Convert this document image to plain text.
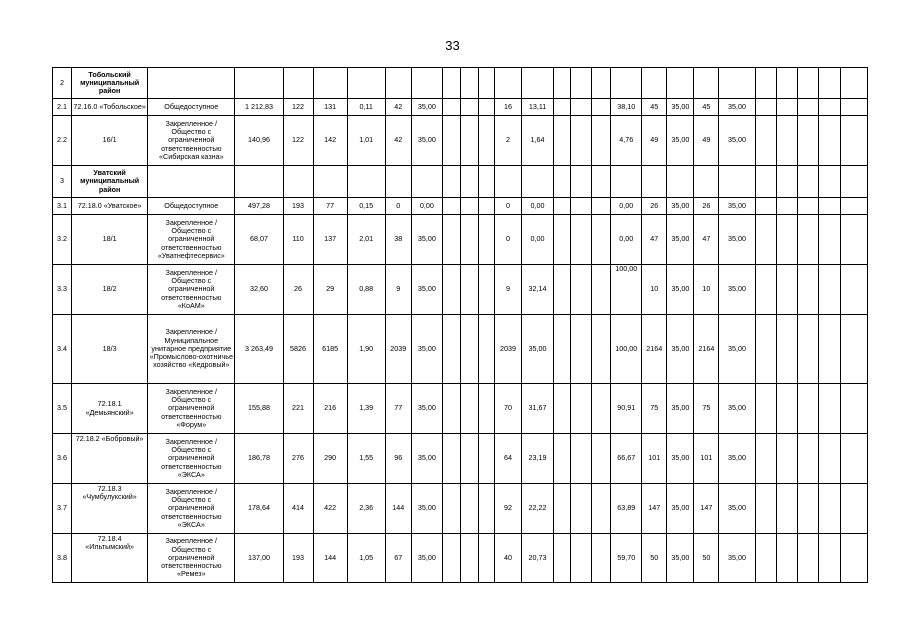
33
2	Тобольский муниципальный район																									
2.1	72.16.0 «Тобольское»	Общедоступное	1 212,83	122	131	0,11	42	35,00				16	13,11				38,10	45	35,00	45	35,00					
2.2	16/1	Закрепленное / Общество с ограниченной ответственностью «Сибирская казна»	140,96	122	142	1,01	42	35,00				2	1,64				4,76	49	35,00	49	35,00					
3	Уватский муниципальный район																									
3.1	72.18.0 «Уватское»	Общедоступное	497,28	193	77	0,15	0	0,00				0	0,00				0,00	26	35,00	26	35,00					
3.2	18/1	Закрепленное / Общество с ограниченной ответственностью «Уватнефтесервис»	68,07	110	137	2,01	38	35,00				0	0,00				0,00	47	35,00	47	35,00					
3.3	18/2	Закрепленное / Общество с ограниченной ответственностью «КоАМ»	32,60	26	29	0,88	9	35,00				9	32,14				100,00	10	35,00	10	35,00					
3.4	18/3	Закрепленное / Муниципальное унитарное предприятие «Промыслово-охотничье хозяйство «Кедровый»	3 263,49	5826	6185	1,90	2039	35,00				2039	35,00				100,00	2164	35,00	2164	35,00					
3.5	72.18.1 «Демьянский»	Закрепленное / Общество с ограниченной ответственностью «Форум»	155,88	221	216	1,39	77	35,00				70	31,67				90,91	75	35,00	75	35,00					
3.6	72.18.2 «Бобровый»	Закрепленное / Общество с ограниченной ответственностью «ЭКСА»	186,78	276	290	1,55	96	35,00				64	23,19				66,67	101	35,00	101	35,00					
3.7	72.18.3 «Чумбулукский»	Закрепленное / Общество с ограниченной ответственностью «ЭКСА»	178,64	414	422	2,36	144	35,00				92	22,22				63,89	147	35,00	147	35,00					
3.8	72.18.4 «Ильтымский»	Закрепленное / Общество с ограниченной ответственностью «Ремез»	137,00	193	144	1,05	67	35,00				40	20,73				59,70	50	35,00	50	35,00					
